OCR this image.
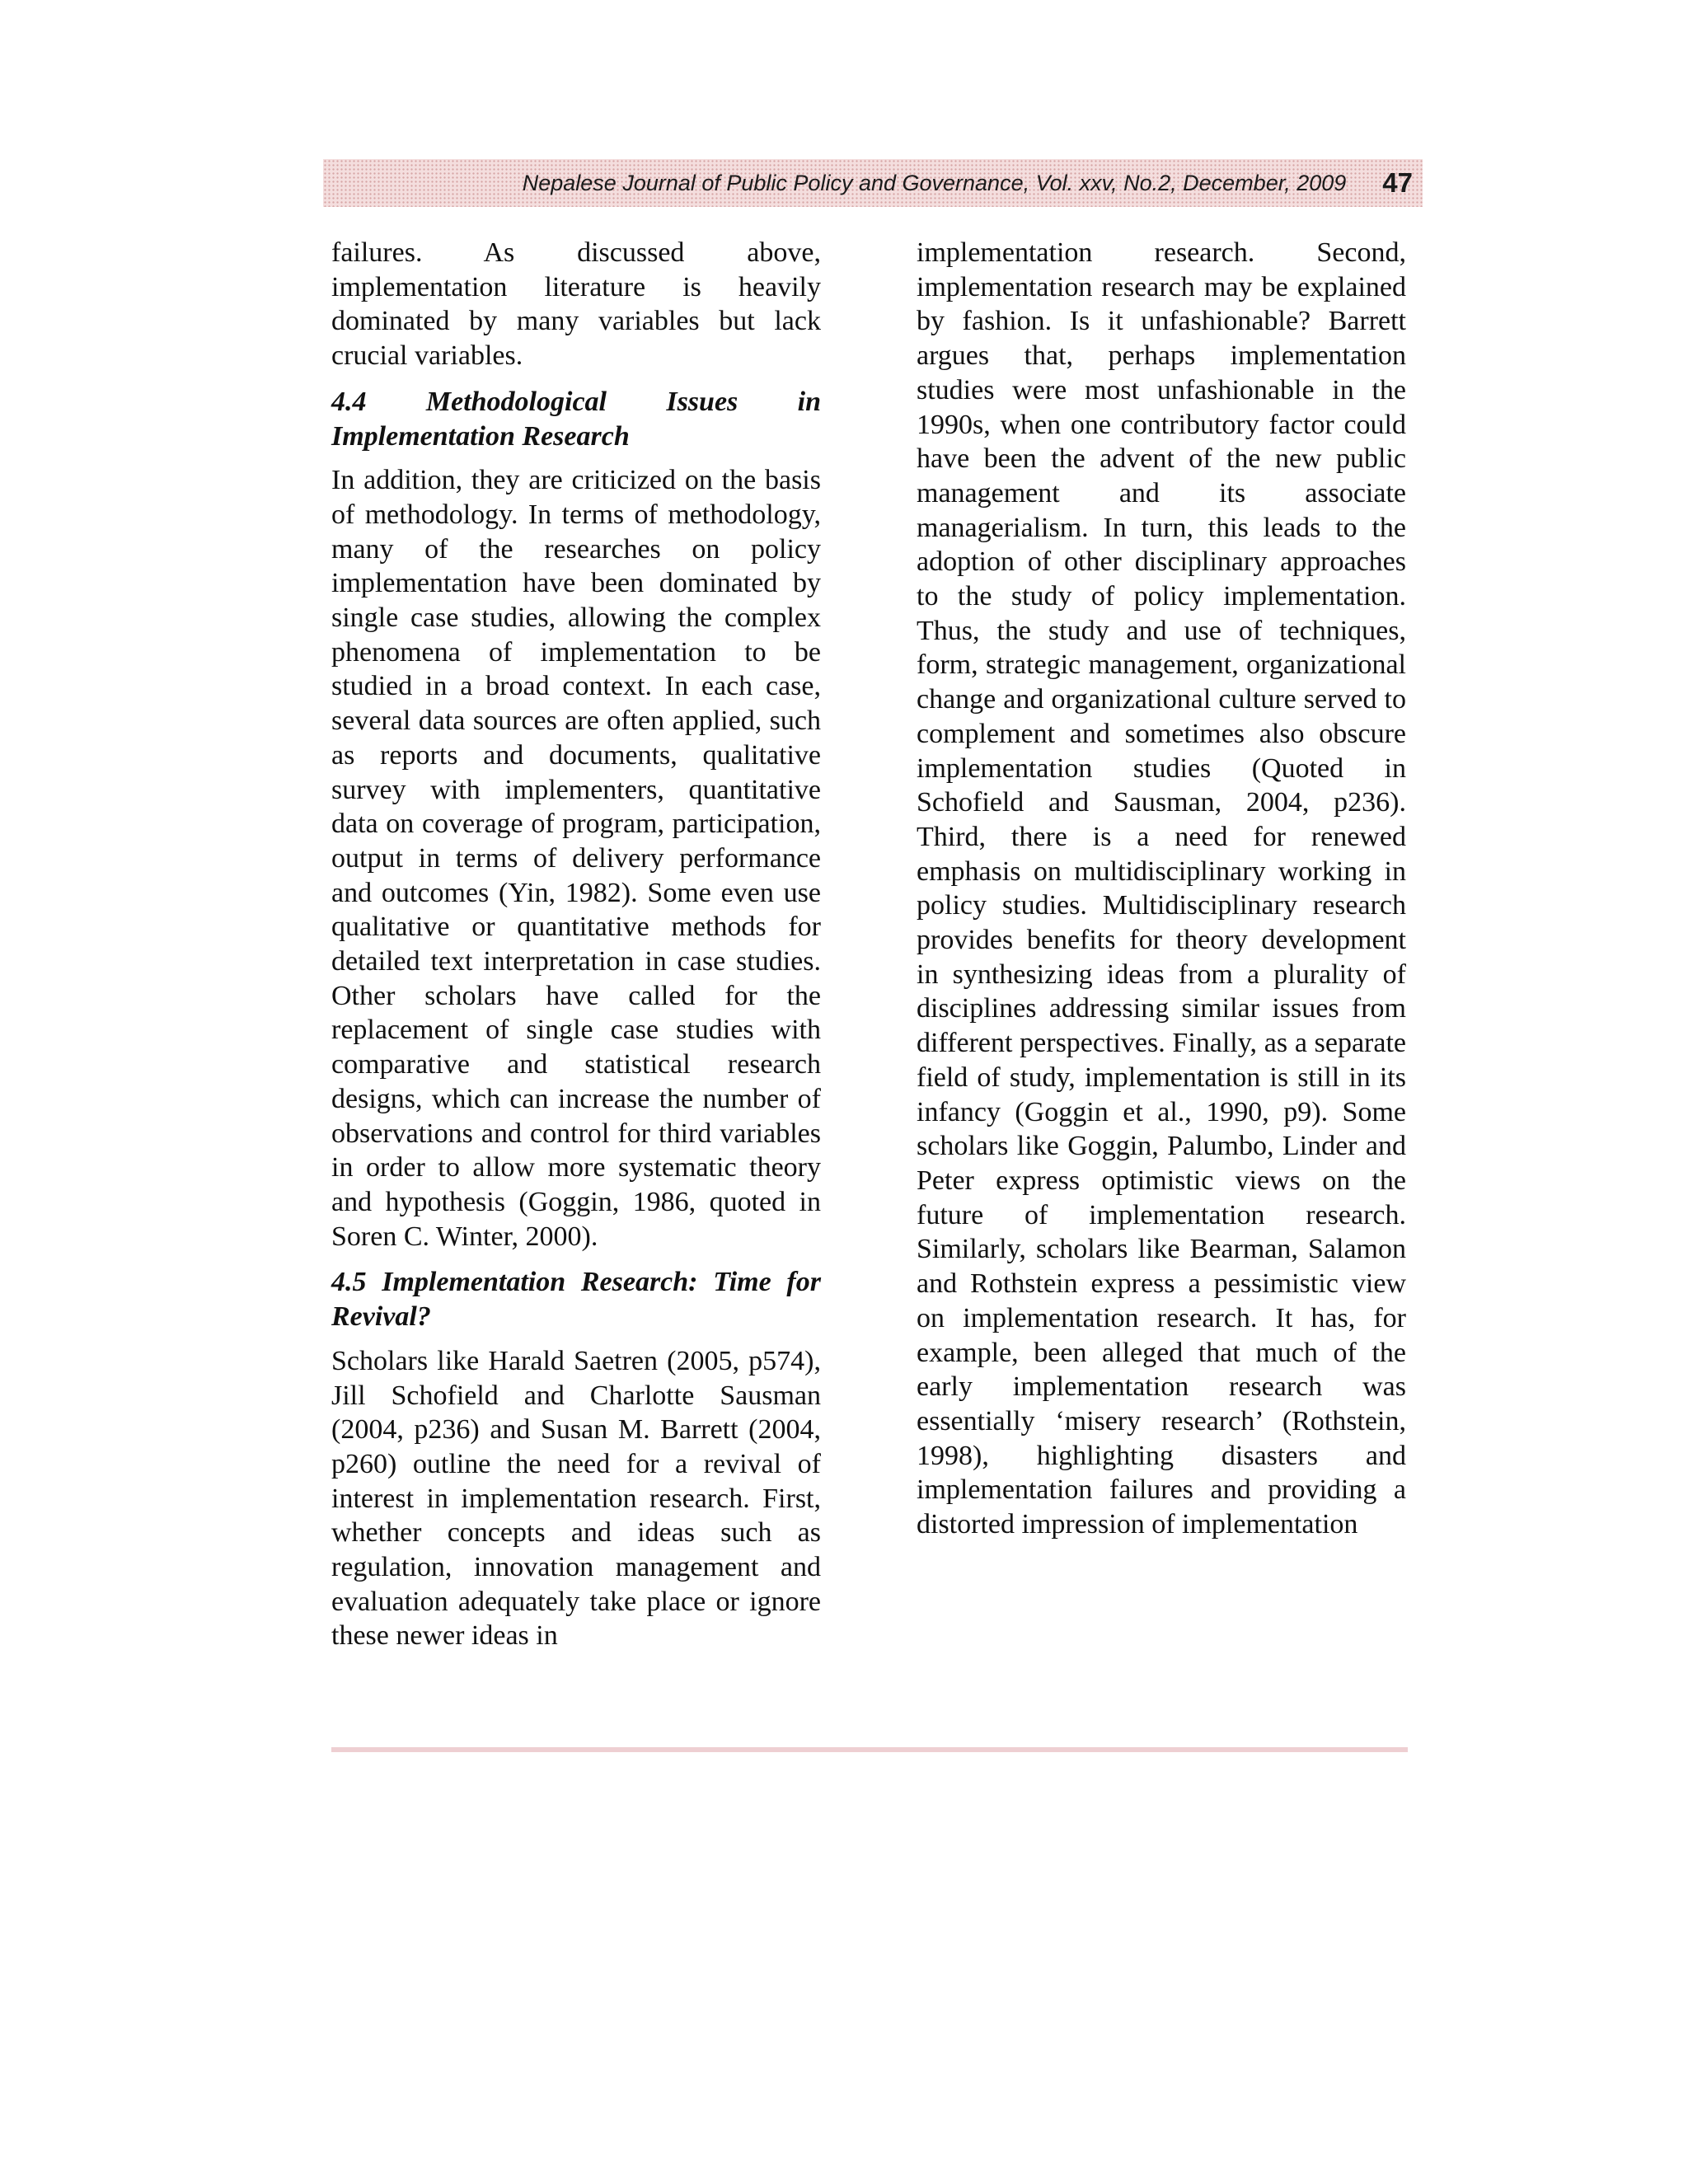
Nepalese Journal of Public Policy and Governance, Vol. xxv, No.2, December, 2009 47

failures. As discussed above, implementation literature is heavily dominated by many variables but lack crucial variables.

4.4 Methodological Issues in Implementation Research

In addition, they are criticized on the basis of methodology. In terms of methodology, many of the researches on policy implementation have been dominated by single case studies, allowing the complex phenomena of implementation to be studied in a broad context. In each case, several data sources are often applied, such as reports and documents, qualitative survey with implementers, quantitative data on coverage of program, participation, output in terms of delivery performance and outcomes (Yin, 1982). Some even use qualitative or quantitative methods for detailed text interpretation in case studies. Other scholars have called for the replacement of single case studies with comparative and statistical research designs, which can increase the number of observations and control for third variables in order to allow more systematic theory and hypothesis (Goggin, 1986, quoted in Soren C. Winter, 2000).

4.5 Implementation Research: Time for Revival?

Scholars like Harald Saetren (2005, p574), Jill Schofield and Charlotte Sausman (2004, p236) and Susan M. Barrett (2004, p260) outline the need for a revival of interest in implementation research. First, whether concepts and ideas such as regulation, innovation management and evaluation adequately take place or ignore these newer ideas in

implementation research. Second, implementation research may be explained by fashion. Is it unfashionable? Barrett argues that, perhaps implementation studies were most unfashionable in the 1990s, when one contributory factor could have been the advent of the new public management and its associate managerialism. In turn, this leads to the adoption of other disciplinary approaches to the study of policy implementation. Thus, the study and use of techniques, form, strategic management, organizational change and organizational culture served to complement and sometimes also obscure implementation studies (Quoted in Schofield and Sausman, 2004, p236). Third, there is a need for renewed emphasis on multidisciplinary working in policy studies. Multidisciplinary research provides benefits for theory development in synthesizing ideas from a plurality of disciplines addressing similar issues from different perspectives. Finally, as a separate field of study, implementation is still in its infancy (Goggin et al., 1990, p9). Some scholars like Goggin, Palumbo, Linder and Peter express optimistic views on the future of implementation research. Similarly, scholars like Bearman, Salamon and Rothstein express a pessimistic view on implementation research. It has, for example, been alleged that much of the early implementation research was essentially ‘misery research’ (Rothstein, 1998), highlighting disasters and implementation failures and providing a distorted impression of implementation
